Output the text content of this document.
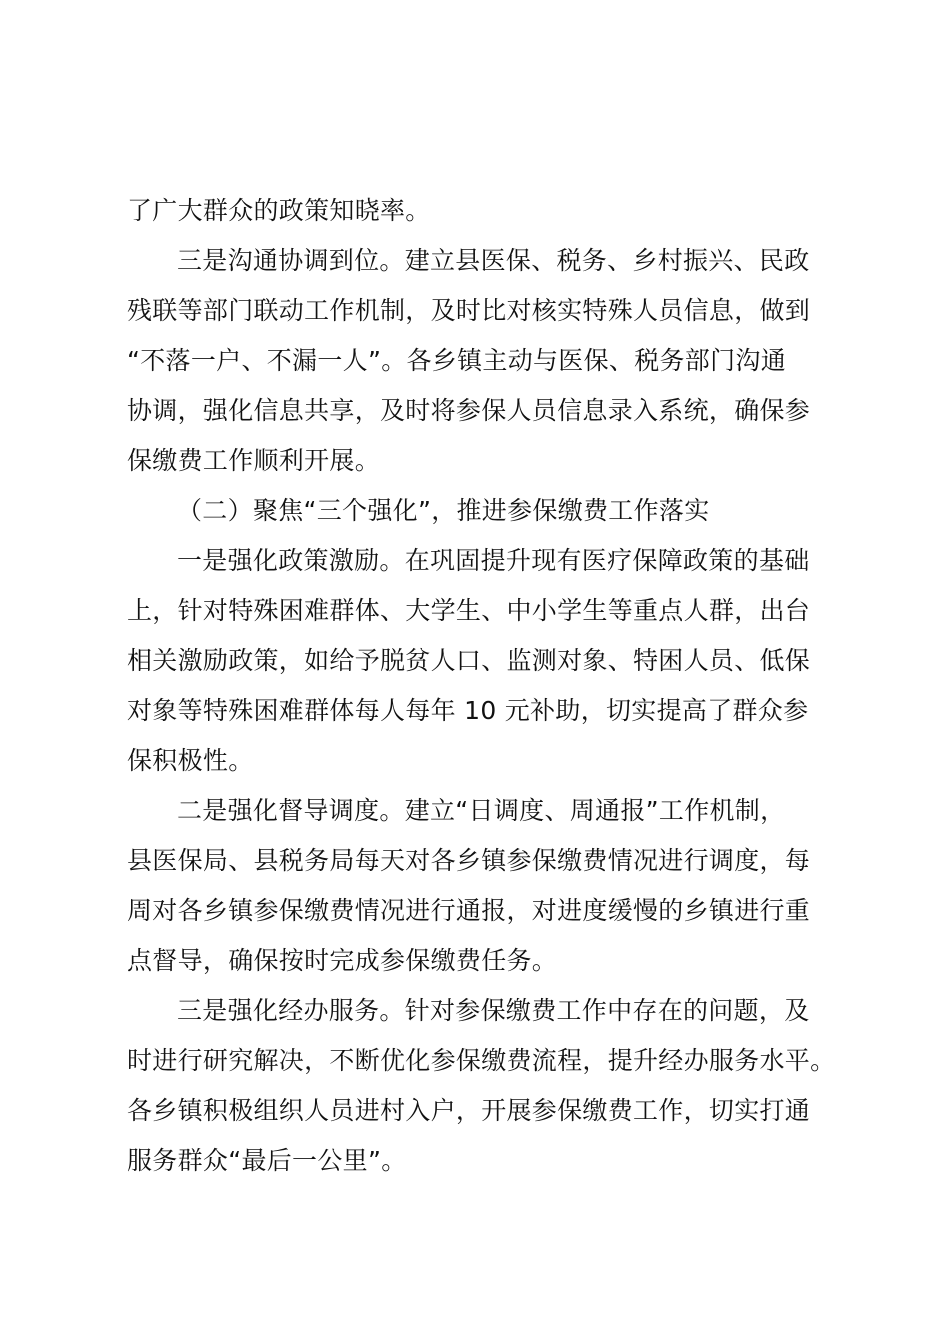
了广大群众的政策知晓率。
三是沟通协调到位。建立县医保、税务、乡村振兴、民政
残联等部门联动工作机制，及时比对核实特殊人员信息，做到
“不落一户、不漏一人”。各乡镇主动与医保、税务部门沟通
协调，强化信息共享，及时将参保人员信息录入系统，确保参
保缴费工作顺利开展。
（二）聚焦“三个强化”，推进参保缴费工作落实
一是强化政策激励。在巩固提升现有医疗保障政策的基础
上，针对特殊困难群体、大学生、中小学生等重点人群，出台
相关激励政策，如给予脱贫人口、监测对象、特困人员、低保
对象等特殊困难群体每人每年 10 元补助，切实提高了群众参
保积极性。
二是强化督导调度。建立“日调度、周通报”工作机制，
县医保局、县税务局每天对各乡镇参保缴费情况进行调度，每
周对各乡镇参保缴费情况进行通报，对进度缓慢的乡镇进行重
点督导，确保按时完成参保缴费任务。
三是强化经办服务。针对参保缴费工作中存在的问题，及
时进行研究解决，不断优化参保缴费流程，提升经办服务水平。
各乡镇积极组织人员进村入户，开展参保缴费工作，切实打通
服务群众“最后一公里”。
